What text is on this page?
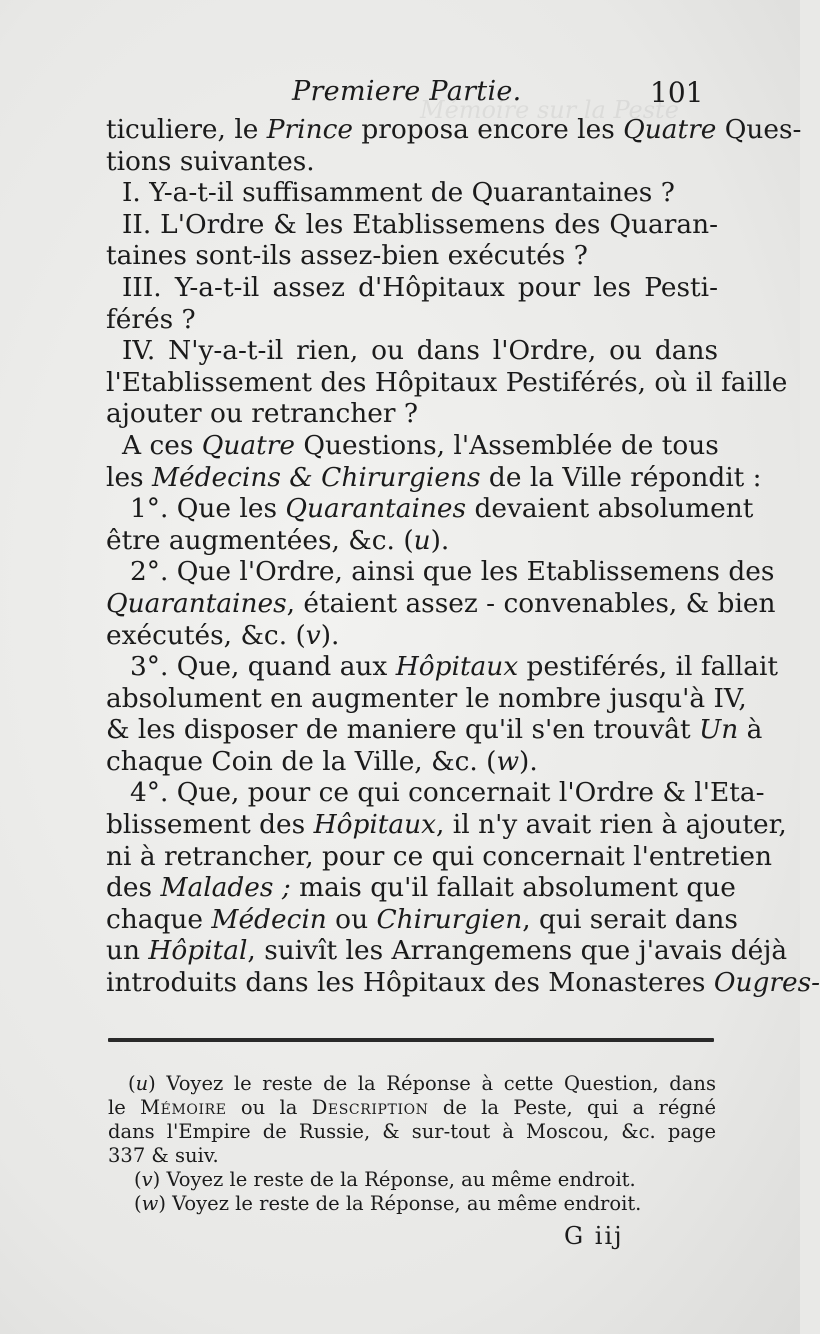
Mémoire sur la Peste
Premiere Partie.	101
ticuliere, le Prince proposa encore les Quatre Ques-
tions suivantes.
I. Y-a-t-il suffisamment de Quarantaines ?
II. L'Ordre & les Etablissemens des Quaran-
taines sont-ils assez-bien exécutés ?
III. Y-a-t-il assez d'Hôpitaux pour les Pesti-
férés ?
IV. N'y-a-t-il rien, ou dans l'Ordre, ou dans
l'Etablissement des Hôpitaux Pestiférés, où il faille
ajouter ou retrancher ?
A ces Quatre Questions, l'Assemblée de tous
les Médecins & Chirurgiens de la Ville répondit :
1°. Que les Quarantaines devaient absolument
être augmentées, &c. (u).
2°. Que l'Ordre, ainsi que les Etablissemens des
Quarantaines, étaient assez - convenables, & bien
exécutés, &c. (v).
3°. Que, quand aux Hôpitaux pestiférés, il fallait
absolument en augmenter le nombre jusqu'à IV,
& les disposer de maniere qu'il s'en trouvât Un à
chaque Coin de la Ville, &c. (w).
4°. Que, pour ce qui concernait l'Ordre & l'Eta-
blissement des Hôpitaux, il n'y avait rien à ajouter,
ni à retrancher, pour ce qui concernait l'entretien
des Malades ; mais qu'il fallait absolument que
chaque Médecin ou Chirurgien, qui serait dans
un Hôpital, suivît les Arrangemens que j'avais déjà
introduits dans les Hôpitaux des Monasteres Ougres-
(u) Voyez le reste de la Réponse à cette Question, dans
le Mémoire ou la Description de la Peste, qui a régné
dans l'Empire de Russie, & sur-tout à Moscou, &c. page
337 & suiv.
(v) Voyez le reste de la Réponse, au même endroit.
(w) Voyez le reste de la Réponse, au même endroit.
G iij
